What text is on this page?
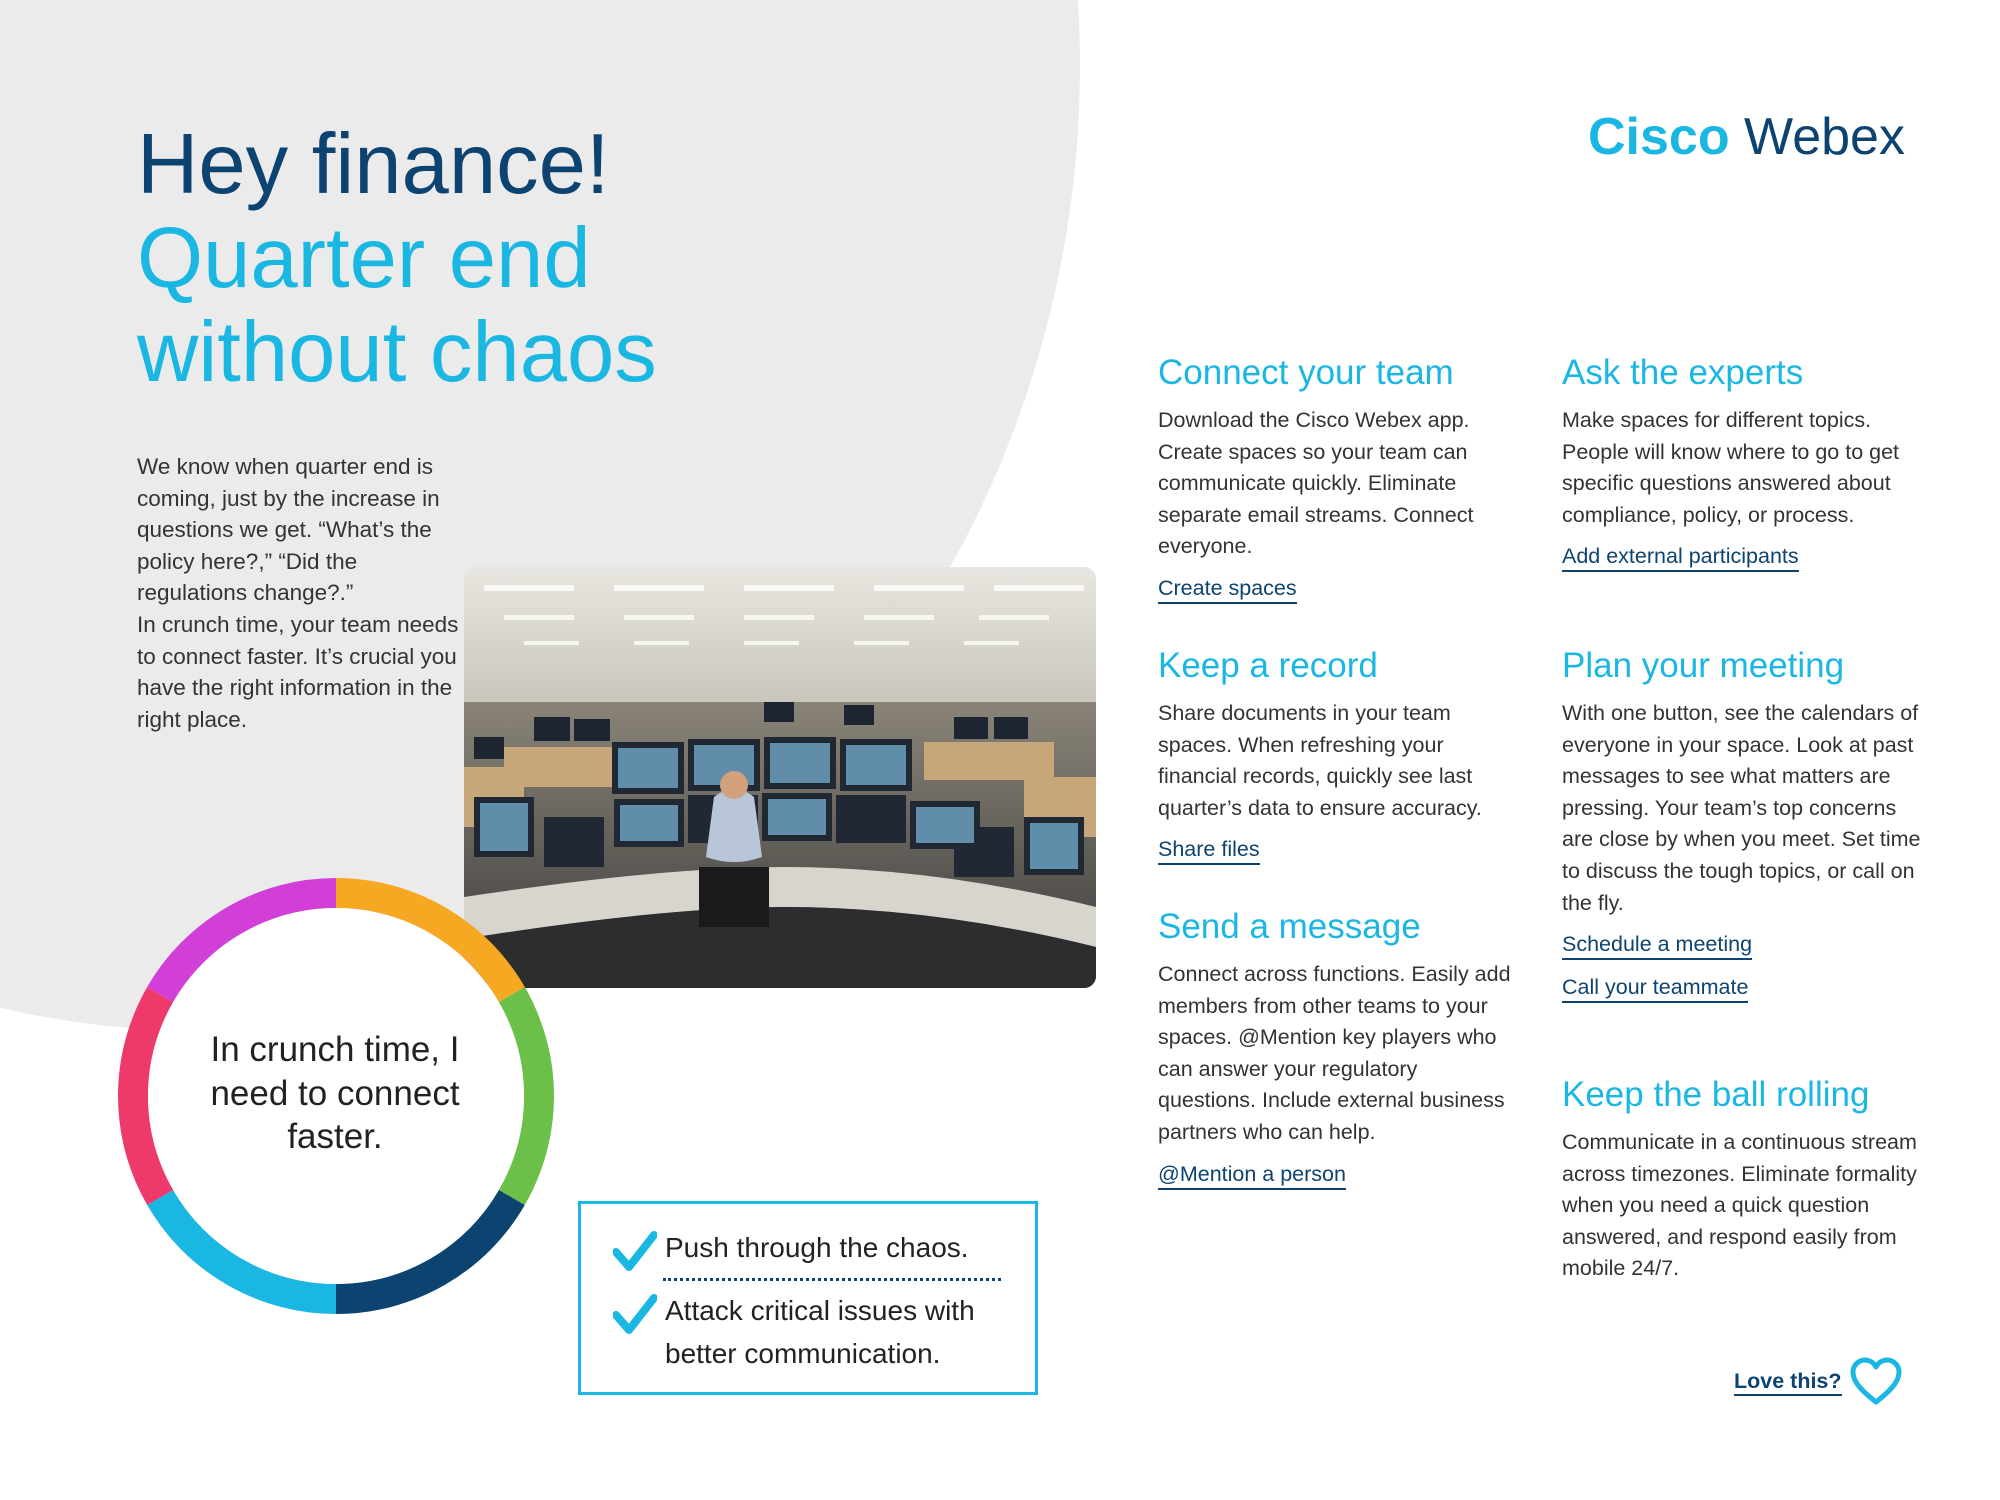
Hey finance!
Quarter end
without chaos

We know when quarter end is coming, just by the increase in questions we get. “What’s the policy here?,” “Did the regulations change?.”

In crunch time, your team needs to connect faster. It’s crucial you have the right information in the right place.

In crunch time, I need to connect faster.
Push through the chaos.
Attack critical issues with better communication.
Cisco Webex
Connect your team
Download the Cisco Webex app. Create spaces so your team can communicate quickly. Eliminate separate email streams. Connect everyone.
Create spaces
Keep a record
Share documents in your team spaces. When refreshing your financial records, quickly see last quarter’s data to ensure accuracy.
Share files
Send a message
Connect across functions. Easily add members from other teams to your spaces. @Mention key players who can answer your regulatory questions. Include external business partners who can help.
@Mention a person
Ask the experts
Make spaces for different topics. People will know where to go to get specific questions answered about compliance, policy, or process.
Add external participants
Plan your meeting
With one button, see the calendars of everyone in your space. Look at past messages to see what matters are pressing. Your team’s top concerns are close by when you meet. Set time to discuss the tough topics, or call on the fly.
Schedule a meeting
Call your teammate
Keep the ball rolling
Communicate in a continuous stream across timezones. Eliminate formality when you need a quick question answered, and respond easily from mobile 24/7.
Love this?
